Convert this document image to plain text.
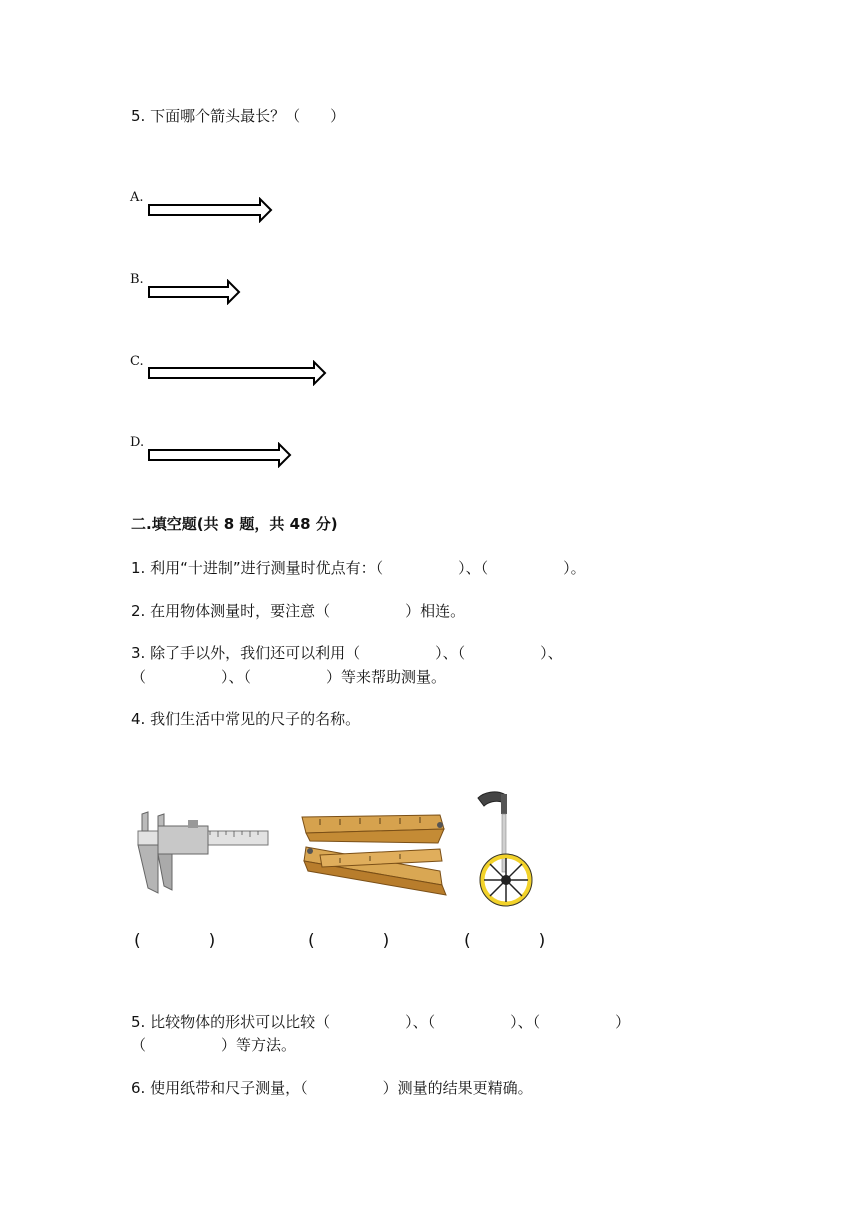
5. 下面哪个箭头最长？（　　）
A.
B.
C.
D.
二.填空题(共 8 题，共 48 分)
1. 利用“十进制”进行测量时优点有：（　　　　　）、（　　　　　）。
2. 在用物体测量时，要注意（　　　　　）相连。
3. 除了手以外，我们还可以利用（　　　　　）、（　　　　　）、
（　　　　　）、（　　　　　）等来帮助测量。
4. 我们生活中常见的尺子的名称。
(　　　　)	(　　　　)	(　　　　)
5. 比较物体的形状可以比较（　　　　　）、（　　　　　）、（　　　　　）
（　　　　　）等方法。
6. 使用纸带和尺子测量，（　　　　　）测量的结果更精确。
